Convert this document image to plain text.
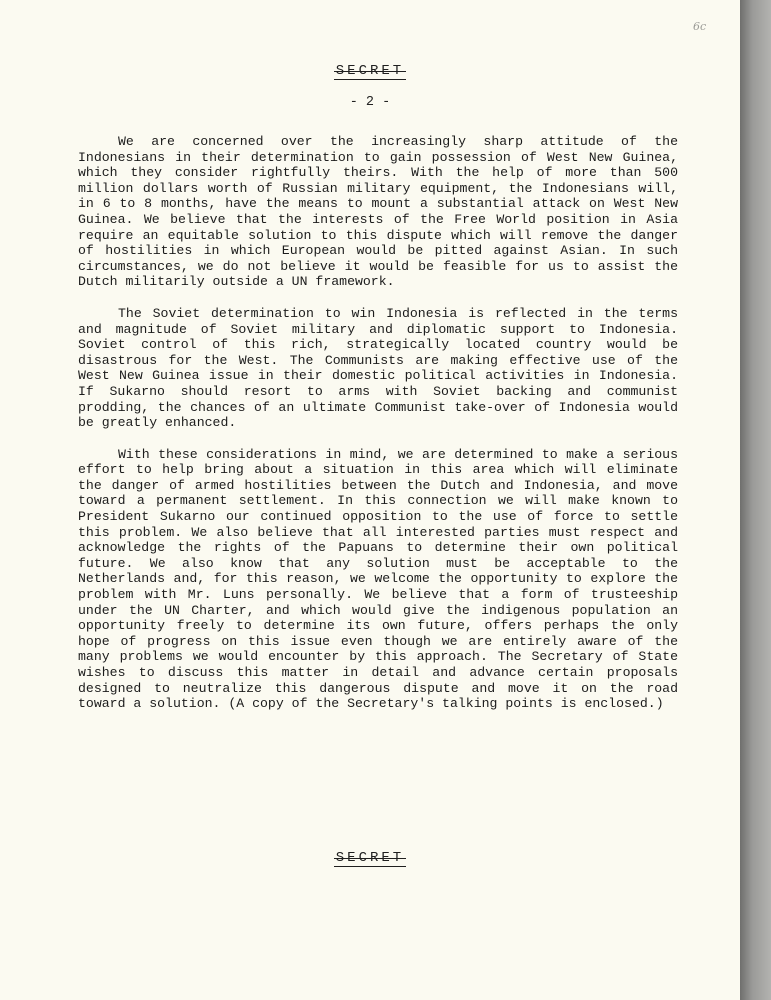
6c
SECRET
- 2 -

We are concerned over the increasingly sharp attitude of the Indonesians in their determination to gain possession of West New Guinea, which they consider rightfully theirs. With the help of more than 500 million dollars worth of Russian military equipment, the Indonesians will, in 6 to 8 months, have the means to mount a substantial attack on West New Guinea. We believe that the interests of the Free World position in Asia require an equitable solution to this dispute which will remove the danger of hostilities in which European would be pitted against Asian. In such circumstances, we do not believe it would be feasible for us to assist the Dutch militarily outside a UN framework.

The Soviet determination to win Indonesia is reflected in the terms and magnitude of Soviet military and diplomatic support to Indonesia. Soviet control of this rich, strategically located country would be disastrous for the West. The Communists are making effective use of the West New Guinea issue in their domestic political activities in Indonesia. If Sukarno should resort to arms with Soviet backing and communist prodding, the chances of an ultimate Communist take-over of Indonesia would be greatly enhanced.

With these considerations in mind, we are determined to make a serious effort to help bring about a situation in this area which will eliminate the danger of armed hostilities between the Dutch and Indonesia, and move toward a permanent settlement. In this connection we will make known to President Sukarno our continued opposition to the use of force to settle this problem. We also believe that all interested parties must respect and acknowledge the rights of the Papuans to determine their own political future. We also know that any solution must be acceptable to the Netherlands and, for this reason, we welcome the opportunity to explore the problem with Mr. Luns personally. We believe that a form of trusteeship under the UN Charter, and which would give the indigenous population an opportunity freely to determine its own future, offers perhaps the only hope of progress on this issue even though we are entirely aware of the many problems we would encounter by this approach. The Secretary of State wishes to discuss this matter in detail and advance certain proposals designed to neutralize this dangerous dispute and move it on the road toward a solution. (A copy of the Secretary's talking points is enclosed.)

SECRET
